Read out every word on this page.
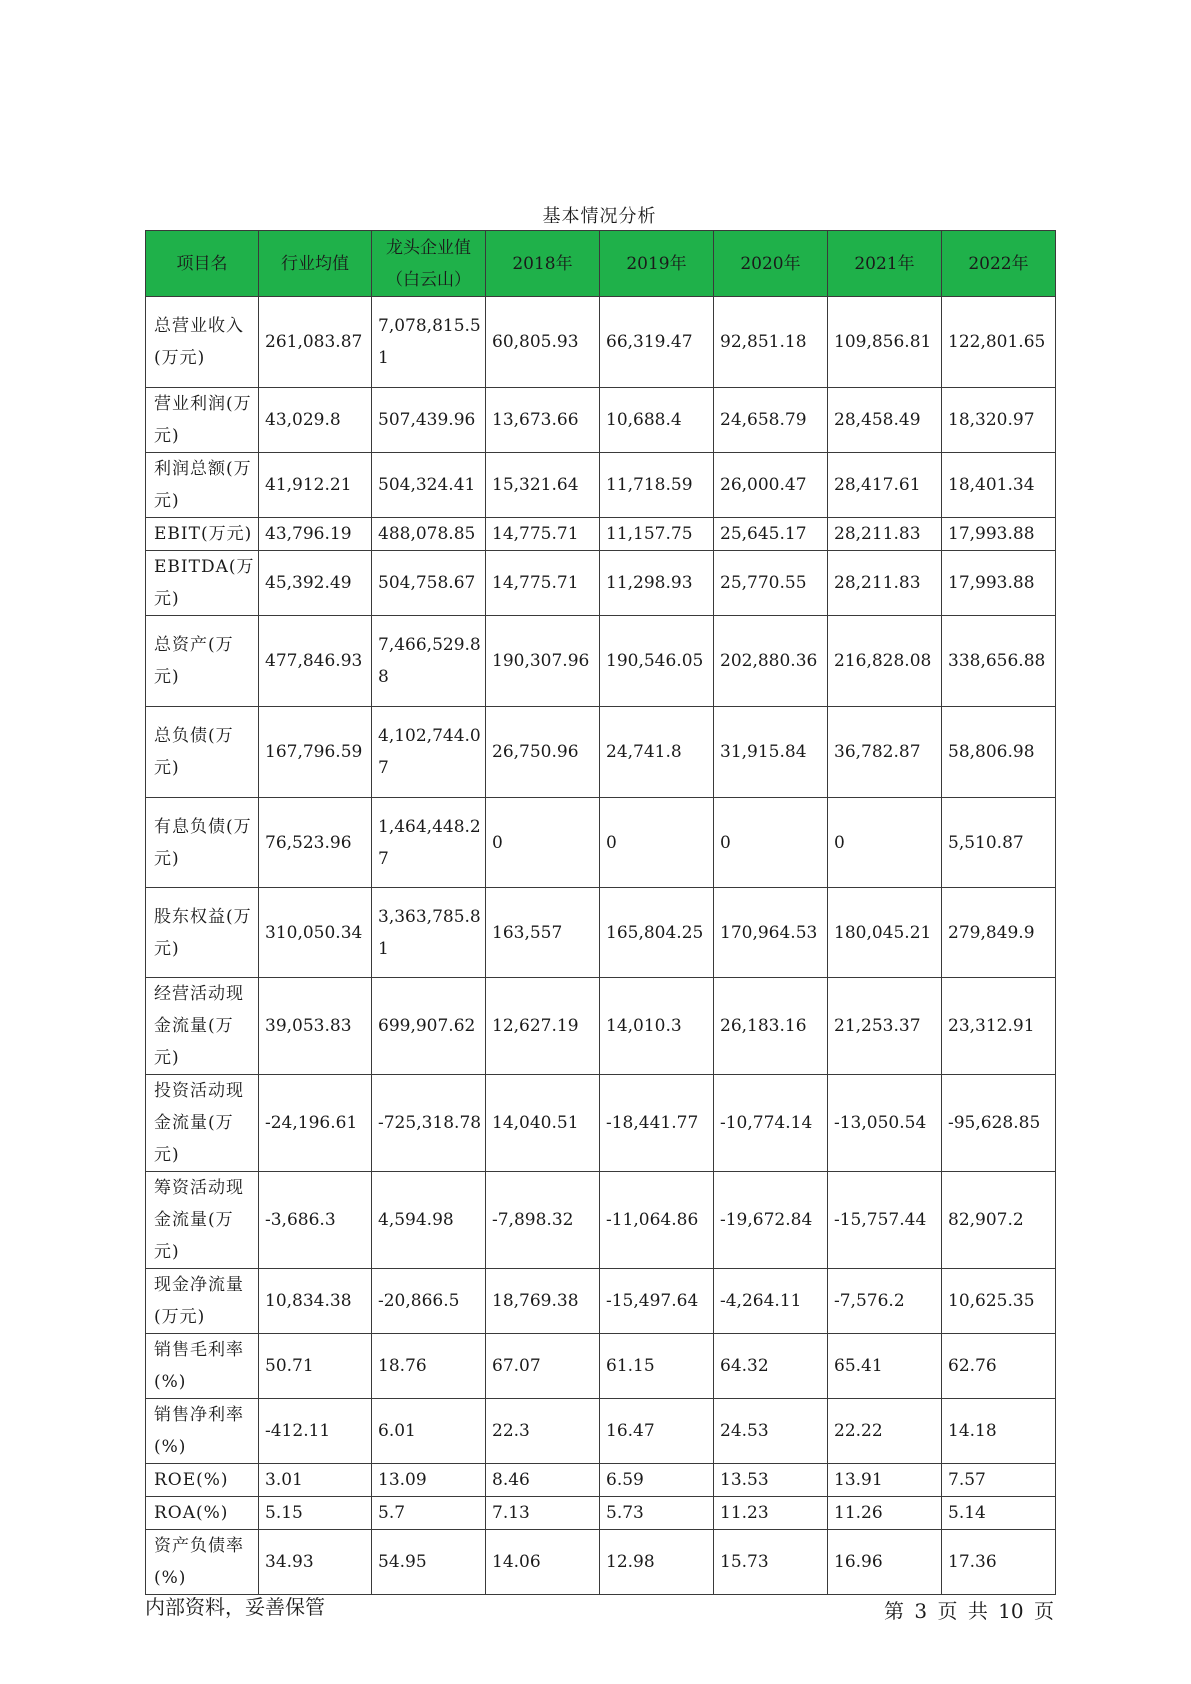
基本情况分析
项目名	行业均值	龙头企业值（白云山）	2018年	2019年	2020年	2021年	2022年
总营业收入(万元)	261,083.87	7,078,815.51	60,805.93	66,319.47	92,851.18	109,856.81	122,801.65
营业利润(万元)	43,029.8	507,439.96	13,673.66	10,688.4	24,658.79	28,458.49	18,320.97
利润总额(万元)	41,912.21	504,324.41	15,321.64	11,718.59	26,000.47	28,417.61	18,401.34
EBIT(万元)	43,796.19	488,078.85	14,775.71	11,157.75	25,645.17	28,211.83	17,993.88
EBITDA(万元)	45,392.49	504,758.67	14,775.71	11,298.93	25,770.55	28,211.83	17,993.88
总资产(万元)	477,846.93	7,466,529.88	190,307.96	190,546.05	202,880.36	216,828.08	338,656.88
总负债(万元)	167,796.59	4,102,744.07	26,750.96	24,741.8	31,915.84	36,782.87	58,806.98
有息负债(万元)	76,523.96	1,464,448.27	0	0	0	0	5,510.87
股东权益(万元)	310,050.34	3,363,785.81	163,557	165,804.25	170,964.53	180,045.21	279,849.9
经营活动现金流量(万元)	39,053.83	699,907.62	12,627.19	14,010.3	26,183.16	21,253.37	23,312.91
投资活动现金流量(万元)	-24,196.61	-725,318.78	14,040.51	-18,441.77	-10,774.14	-13,050.54	-95,628.85
筹资活动现金流量(万元)	-3,686.3	4,594.98	-7,898.32	-11,064.86	-19,672.84	-15,757.44	82,907.2
现金净流量(万元)	10,834.38	-20,866.5	18,769.38	-15,497.64	-4,264.11	-7,576.2	10,625.35
销售毛利率(%)	50.71	18.76	67.07	61.15	64.32	65.41	62.76
销售净利率(%)	-412.11	6.01	22.3	16.47	24.53	22.22	14.18
ROE(%)	3.01	13.09	8.46	6.59	13.53	13.91	7.57
ROA(%)	5.15	5.7	7.13	5.73	11.23	11.26	5.14
资产负债率(%)	34.93	54.95	14.06	12.98	15.73	16.96	17.36
内部资料，妥善保管	第 3 页 共 10 页
